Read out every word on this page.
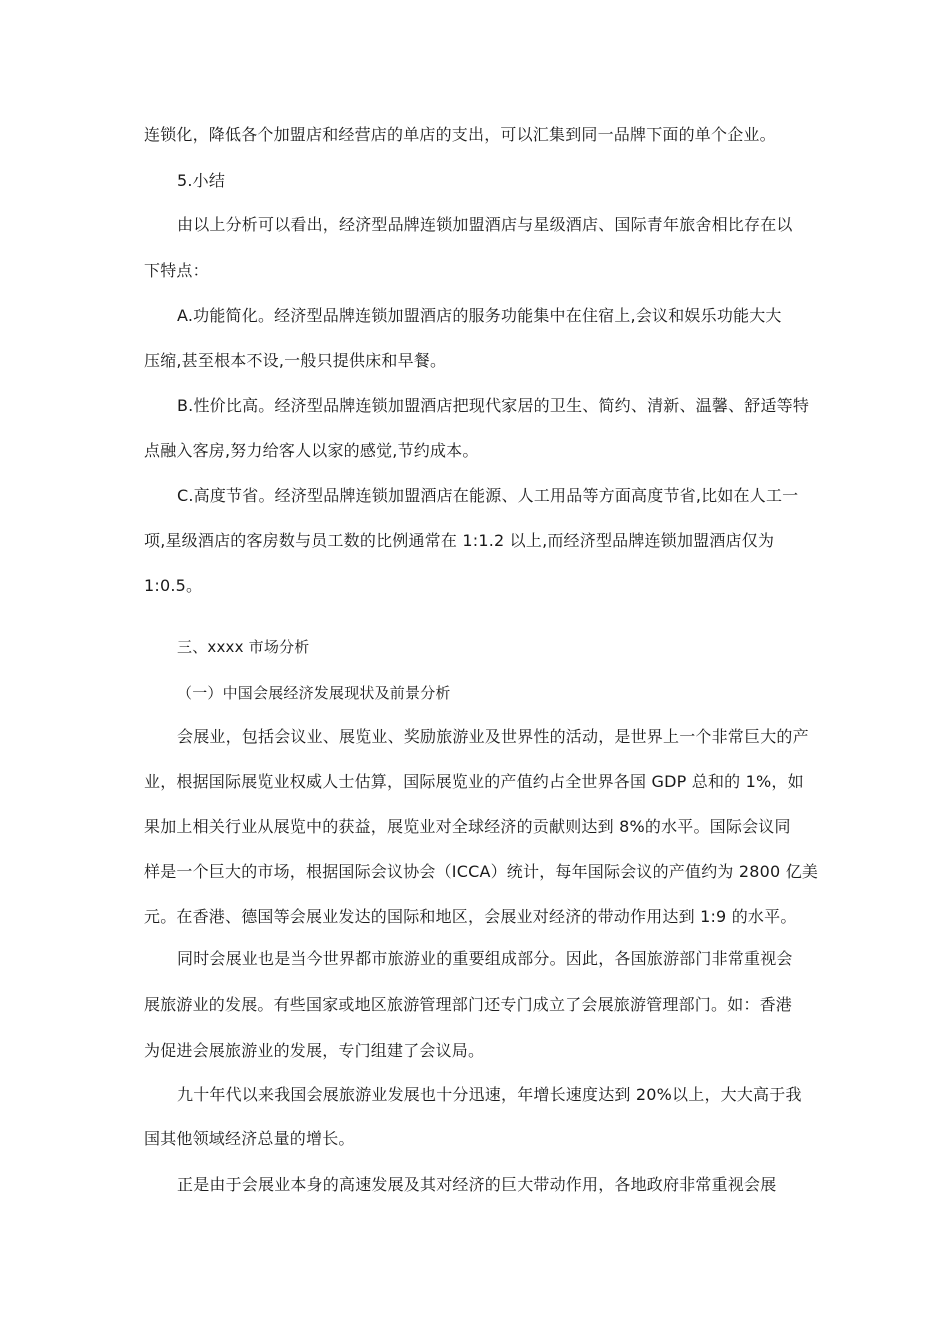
连锁化，降低各个加盟店和经营店的单店的支出，可以汇集到同一品牌下面的单个企业。
5.小结
由以上分析可以看出，经济型品牌连锁加盟酒店与星级酒店、国际青年旅舍相比存在以
下特点：
A.功能简化。经济型品牌连锁加盟酒店的服务功能集中在住宿上,会议和娱乐功能大大
压缩,甚至根本不设,一般只提供床和早餐。
B.性价比高。经济型品牌连锁加盟酒店把现代家居的卫生、简约、清新、温馨、舒适等特
点融入客房,努力给客人以家的感觉,节约成本。
C.高度节省。经济型品牌连锁加盟酒店在能源、人工用品等方面高度节省,比如在人工一
项,星级酒店的客房数与员工数的比例通常在 1:1.2 以上,而经济型品牌连锁加盟酒店仅为
1:0.5。
三、xxxx 市场分析
（一）中国会展经济发展现状及前景分析
会展业，包括会议业、展览业、奖励旅游业及世界性的活动，是世界上一个非常巨大的产
业，根据国际展览业权威人士估算，国际展览业的产值约占全世界各国 GDP 总和的 1%，如
果加上相关行业从展览中的获益，展览业对全球经济的贡献则达到 8%的水平。国际会议同
样是一个巨大的市场，根据国际会议协会（ICCA）统计，每年国际会议的产值约为 2800 亿美
元。在香港、德国等会展业发达的国际和地区，会展业对经济的带动作用达到 1:9 的水平。
同时会展业也是当今世界都市旅游业的重要组成部分。因此，各国旅游部门非常重视会
展旅游业的发展。有些国家或地区旅游管理部门还专门成立了会展旅游管理部门。如：香港
为促进会展旅游业的发展，专门组建了会议局。
九十年代以来我国会展旅游业发展也十分迅速，年增长速度达到 20%以上，大大高于我
国其他领域经济总量的增长。
正是由于会展业本身的高速发展及其对经济的巨大带动作用，各地政府非常重视会展
